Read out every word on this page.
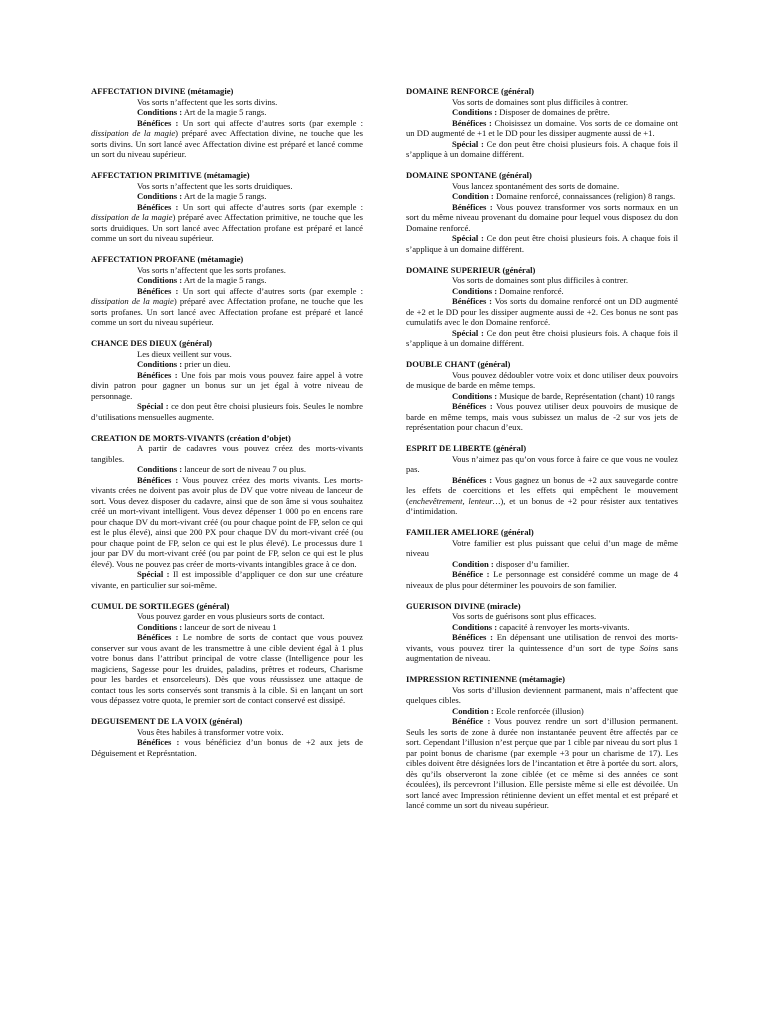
AFFECTATION DIVINE (métamagie)

Vos sorts n’affectent que les sorts divins.

Conditions : Art de la magie 5 rangs.

Bénéfices : Un sort qui affecte d’autres sorts (par exemple : dissipation de la magie) préparé avec Affectation divine, ne touche que les sorts divins. Un sort lancé avec Affectation divine est préparé et lancé comme un sort du niveau supérieur.

AFFECTATION PRIMITIVE (métamagie)

Vos sorts n’affectent que les sorts druidiques.

Conditions : Art de la magie 5 rangs.

Bénéfices : Un sort qui affecte d’autres sorts (par exemple : dissipation de la magie) préparé avec Affectation primitive, ne touche que les sorts druidiques. Un sort lancé avec Affectation profane est préparé et lancé comme un sort du niveau supérieur.

AFFECTATION PROFANE (métamagie)

Vos sorts n’affectent que les sorts profanes.

Conditions : Art de la magie 5 rangs.

Bénéfices : Un sort qui affecte d’autres sorts (par exemple : dissipation de la magie) préparé avec Affectation profane, ne touche que les sorts profanes. Un sort lancé avec Affectation profane est préparé et lancé comme un sort du niveau supérieur.

CHANCE DES DIEUX (général)

Les dieux veillent sur vous.

Conditions : prier un dieu.

Bénéfices : Une fois par mois vous pouvez faire appel à votre divin patron pour gagner un bonus sur un jet égal à votre niveau de personnage.

Spécial : ce don peut être choisi plusieurs fois. Seules le nombre d’utilisations mensuelles augmente.

CREATION DE MORTS-VIVANTS (création d’objet)

A partir de cadavres vous pouvez créez des morts-vivants tangibles.

Conditions : lanceur de sort de niveau 7 ou plus.

Bénéfices : Vous pouvez créez des morts vivants. Les morts-vivants crées ne doivent pas avoir plus de DV que votre niveau de lanceur de sort. Vous devez disposer du cadavre, ainsi que de son âme si vous souhaitez créé un mort-vivant intelligent. Vous devez dépenser 1 000 po en encens rare pour chaque DV du mort-vivant créé (ou pour chaque point de FP, selon ce qui est le plus élevé), ainsi que 200 PX pour chaque DV du mort-vivant créé (ou pour chaque point de FP, selon ce qui est le plus élevé). Le processus dure 1 jour par DV du mort-vivant créé (ou par point de FP, selon ce qui est le plus élevé). Vous ne pouvez pas créer de morts-vivants intangibles grace à ce don.

Spécial : Il est impossible d’appliquer ce don sur une créature vivante, en particulier sur soi-même.

CUMUL DE SORTILEGES (général)

Vous pouvez garder en vous plusieurs sorts de contact.

Conditions : lanceur de sort de niveau 1

Bénéfices : Le nombre de sorts de contact que vous pouvez conserver sur vous avant de les transmettre à une cible devient égal à 1 plus votre bonus dans l’attribut principal de votre classe (Intelligence pour les magiciens, Sagesse pour les druides, paladins, prêtres et rodeurs, Charisme pour les bardes et ensorceleurs). Dès que vous réussissez une attaque de contact tous les sorts conservés sont transmis à la cible. Si en lançant un sort vous dépassez votre quota, le premier sort de contact conservé est dissipé.

DEGUISEMENT DE LA VOIX (général)

Vous êtes habiles à transformer votre voix.

Bénéfices : vous bénéficiez d’un bonus de +2 aux jets de Déguisement et Représntation.

DOMAINE RENFORCE (général)

Vos sorts de domaines sont plus difficiles à contrer.

Conditions : Disposer de domaines de prêtre.

Bénéfices : Choisissez un domaine. Vos sorts de ce domaine ont un DD augmenté de +1 et le DD pour les dissiper augmente aussi de +1.

Spécial : Ce don peut être choisi plusieurs fois. A chaque fois il s’applique à un domaine différent.

DOMAINE SPONTANE (général)

Vous lancez spontanément des sorts de domaine.

Condition : Domaine renforcé, connaissances (religion) 8 rangs.

Bénéfices : Vous pouvez transformer vos sorts normaux en un sort du même niveau provenant du domaine pour lequel vous disposez du don Domaine renforcé.

Spécial : Ce don peut être choisi plusieurs fois. A chaque fois il s’applique à un domaine différent.

DOMAINE SUPERIEUR (général)

Vos sorts de domaines sont plus difficiles à contrer.

Conditions : Domaine renforcé.

Bénéfices : Vos sorts du domaine renforcé ont un DD augmenté de +2 et le DD pour les dissiper augmente aussi de +2. Ces bonus ne sont pas cumulatifs avec le don Domaine renforcé.

Spécial : Ce don peut être choisi plusieurs fois. A chaque fois il s’applique à un domaine différent.

DOUBLE CHANT (général)

Vous pouvez dédoubler votre voix et donc utiliser deux pouvoirs de musique de barde en même temps.

Conditions : Musique de barde, Représentation (chant) 10 rangs

Bénéfices : Vous pouvez utiliser deux pouvoirs de musique de barde en même temps, mais vous subissez un malus de -2 sur vos jets de représentation pour chacun d’eux.

ESPRIT DE LIBERTE (général)

Vous n’aimez pas qu’on vous force à faire ce que vous ne voulez pas.

Bénéfices : Vous gagnez un bonus de +2 aux sauvegarde contre les effets de coercitions et les effets qui empêchent le mouvement (enchevêtrement, lenteur…), et un bonus de +2 pour résister aux tentatives d’intimidation.

FAMILIER AMELIORE (général)

Votre familier est plus puissant que celui d’un mage de même niveau

Condition : disposer d’u familier.

Bénéfice : Le personnage est considéré comme un mage de 4 niveaux de plus pour déterminer les pouvoirs de son familier.

GUERISON DIVINE (miracle)

Vos sorts de guérisons sont plus efficaces.

Conditions : capacité à renvoyer les morts-vivants.

Bénéfices : En dépensant une utilisation de renvoi des morts-vivants, vous pouvez tirer la quintessence d’un sort de type Soins sans augmentation de niveau.

IMPRESSION RETINIENNE (métamagie)

Vos sorts d’illusion deviennent parmanent, mais n’affectent que quelques cibles.

Condition : Ecole renforcée (illusion)

Bénéfice : Vous pouvez rendre un sort d’illusion permanent. Seuls les sorts de zone à durée non instantanée peuvent être affectés par ce sort. Cependant l’illusion n’est perçue que par 1 cible par niveau du sort plus 1 par point bonus de charisme (par exemple +3 pour un charisme de 17). Les cibles doivent être désignées lors de l’incantation et être à portée du sort. alors, dès qu’ils observeront la zone ciblée (et ce même si des années ce sont écoulées), ils percevront l’illusion. Elle persiste même si elle est dévoilée. Un sort lancé avec Impression rétinienne devient un effet mental et est préparé et lancé comme un sort du niveau supérieur.
